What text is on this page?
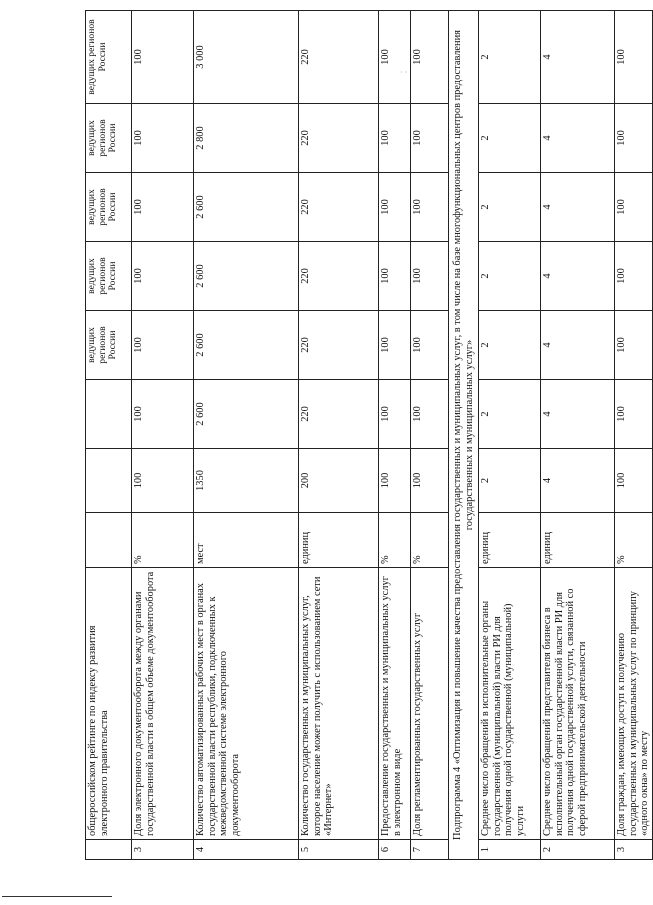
· ·
	общероссийском рейтинге по индексу развития электронного правительства				ведущих регионов России	ведущих регионов России	ведущих регионов России	ведущих регионов России	ведущих регионов России
3	Доля электронного документооборота между органами государственной власти в общем объеме документооборота	%	100	100	100	100	100	100	100
4	Количество автоматизированных рабочих мест в органах государственной власти республики, подключенных к межведомственной системе электронного документооборота	мест	1350	2 600	2 600	2 600	2 600	2 800	3 000
5	Количество государственных и муниципальных услуг, которое население может получить с использованием сети «Интернет»	единиц	200	220	220	220	220	220	220
6	Предоставление государственных и муниципальных услуг в электронном виде	%	100	100	100	100	100	100	100
7	Доля регламентированных государственных услуг	%	100	100	100	100	100	100	100
Подпрограмма 4 «Оптимизация и повышение качества предоставления государственных и муниципальных услуг, в том числе на базе многофункциональных центров предоставления государственных и муниципальных услуг»									
1	Среднее число обращений в исполнительные органы государственной (муниципальной) власти РИ для получения одной государственной (муниципальной) услуги	единиц	2	2	2	2	2	2	2
2	Среднее число обращений представителя бизнеса в исполнительный орган государственной власти РИ для получения одной государственной услуги, связанной со сферой предпринимательской деятельности	единиц	4	4	4	4	4	4	4
3	Доля граждан, имеющих доступ к получению государственных и муниципальных услуг по принципу «одного окна» по месту	%	100	100	100	100	100	100	100
